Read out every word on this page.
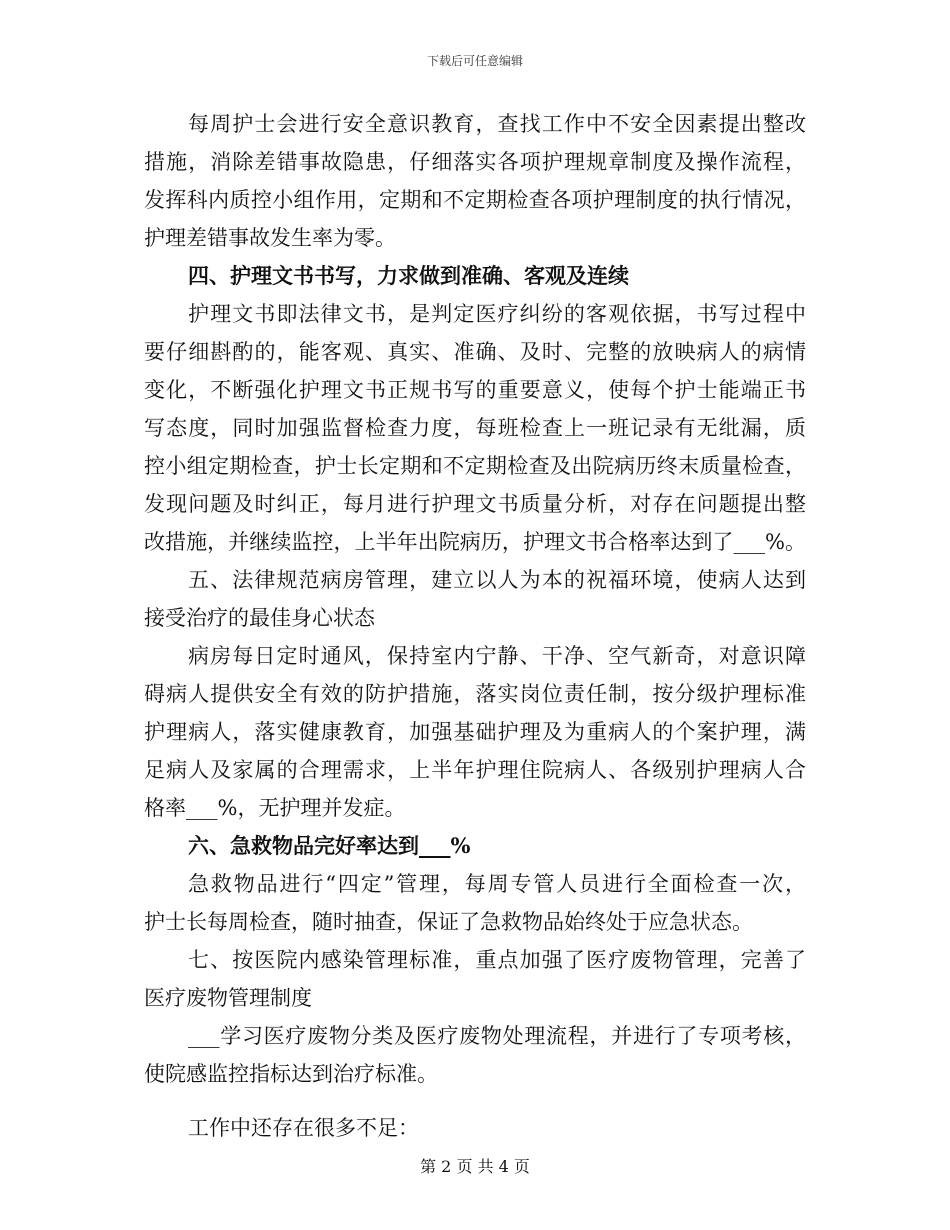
下载后可任意编辑
每周护士会进行安全意识教育，查找工作中不安全因素提出整改
措施，消除差错事故隐患，仔细落实各项护理规章制度及操作流程，
发挥科内质控小组作用，定期和不定期检查各项护理制度的执行情况，
护理差错事故发生率为零。
四、护理文书书写，力求做到准确、客观及连续
护理文书即法律文书，是判定医疗纠纷的客观依据，书写过程中
要仔细斟酌的，能客观、真实、准确、及时、完整的放映病人的病情
变化，不断强化护理文书正规书写的重要意义，使每个护士能端正书
写态度，同时加强监督检查力度，每班检查上一班记录有无纰漏，质
控小组定期检查，护士长定期和不定期检查及出院病历终末质量检查，
发现问题及时纠正，每月进行护理文书质量分析，对存在问题提出整
改措施，并继续监控，上半年出院病历，护理文书合格率达到了___%。
五、法律规范病房管理，建立以人为本的祝福环境，使病人达到
接受治疗的最佳身心状态
病房每日定时通风，保持室内宁静、干净、空气新奇，对意识障
碍病人提供安全有效的防护措施，落实岗位责任制，按分级护理标准
护理病人，落实健康教育，加强基础护理及为重病人的个案护理，满
足病人及家属的合理需求，上半年护理住院病人、各级别护理病人合
格率___%，无护理并发症。
六、急救物品完好率达到___%
急救物品进行“四定”管理，每周专管人员进行全面检查一次，
护士长每周检查，随时抽查，保证了急救物品始终处于应急状态。
七、按医院内感染管理标准，重点加强了医疗废物管理，完善了
医疗废物管理制度
___学习医疗废物分类及医疗废物处理流程，并进行了专项考核，
使院感监控指标达到治疗标准。
工作中还存在很多不足：
第 2 页 共 4 页
